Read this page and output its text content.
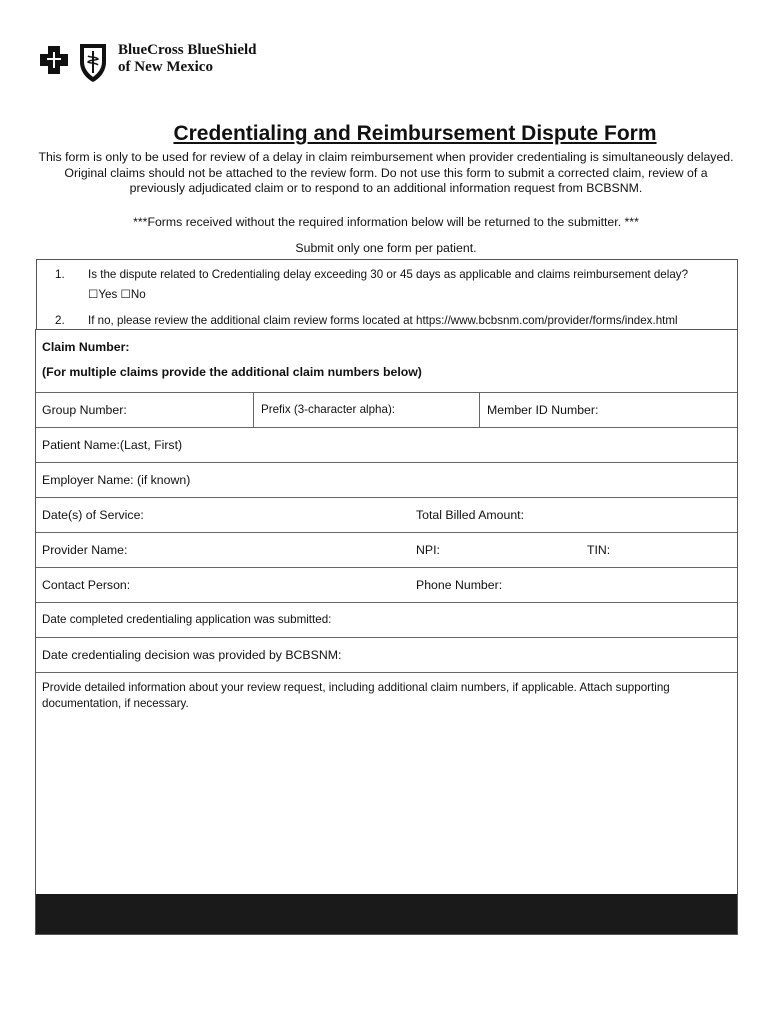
BlueCross BlueShield
of New Mexico
Credentialing and Reimbursement Dispute Form
This form is only to be used for review of a delay in claim reimbursement when provider credentialing is simultaneously delayed. Original claims should not be attached to the review form. Do not use this form to submit a corrected claim, review of a previously adjudicated claim or to respond to an additional information request from BCBSNM.
***Forms received without the required information below will be returned to the submitter. ***
Submit only one form per patient.
1. Is the dispute related to Credentialing delay exceeding 30 or 45 days as applicable and claims reimbursement delay?
☐Yes ☐No
2. If no, please review the additional claim review forms located at https://www.bcbsnm.com/provider/forms/index.html
Claim Number:
(For multiple claims provide the additional claim numbers below)
Group Number:	Prefix (3-character alpha):	Member ID Number:
Patient Name:(Last, First)
Employer Name: (if known)
Date(s) of Service:	Total Billed Amount:
Provider Name:	NPI:	TIN:
Contact Person:	Phone Number:
Date completed credentialing application was submitted:
Date credentialing decision was provided by BCBSNM:
Provide detailed information about your review request, including additional claim numbers, if applicable. Attach supporting documentation, if necessary.
